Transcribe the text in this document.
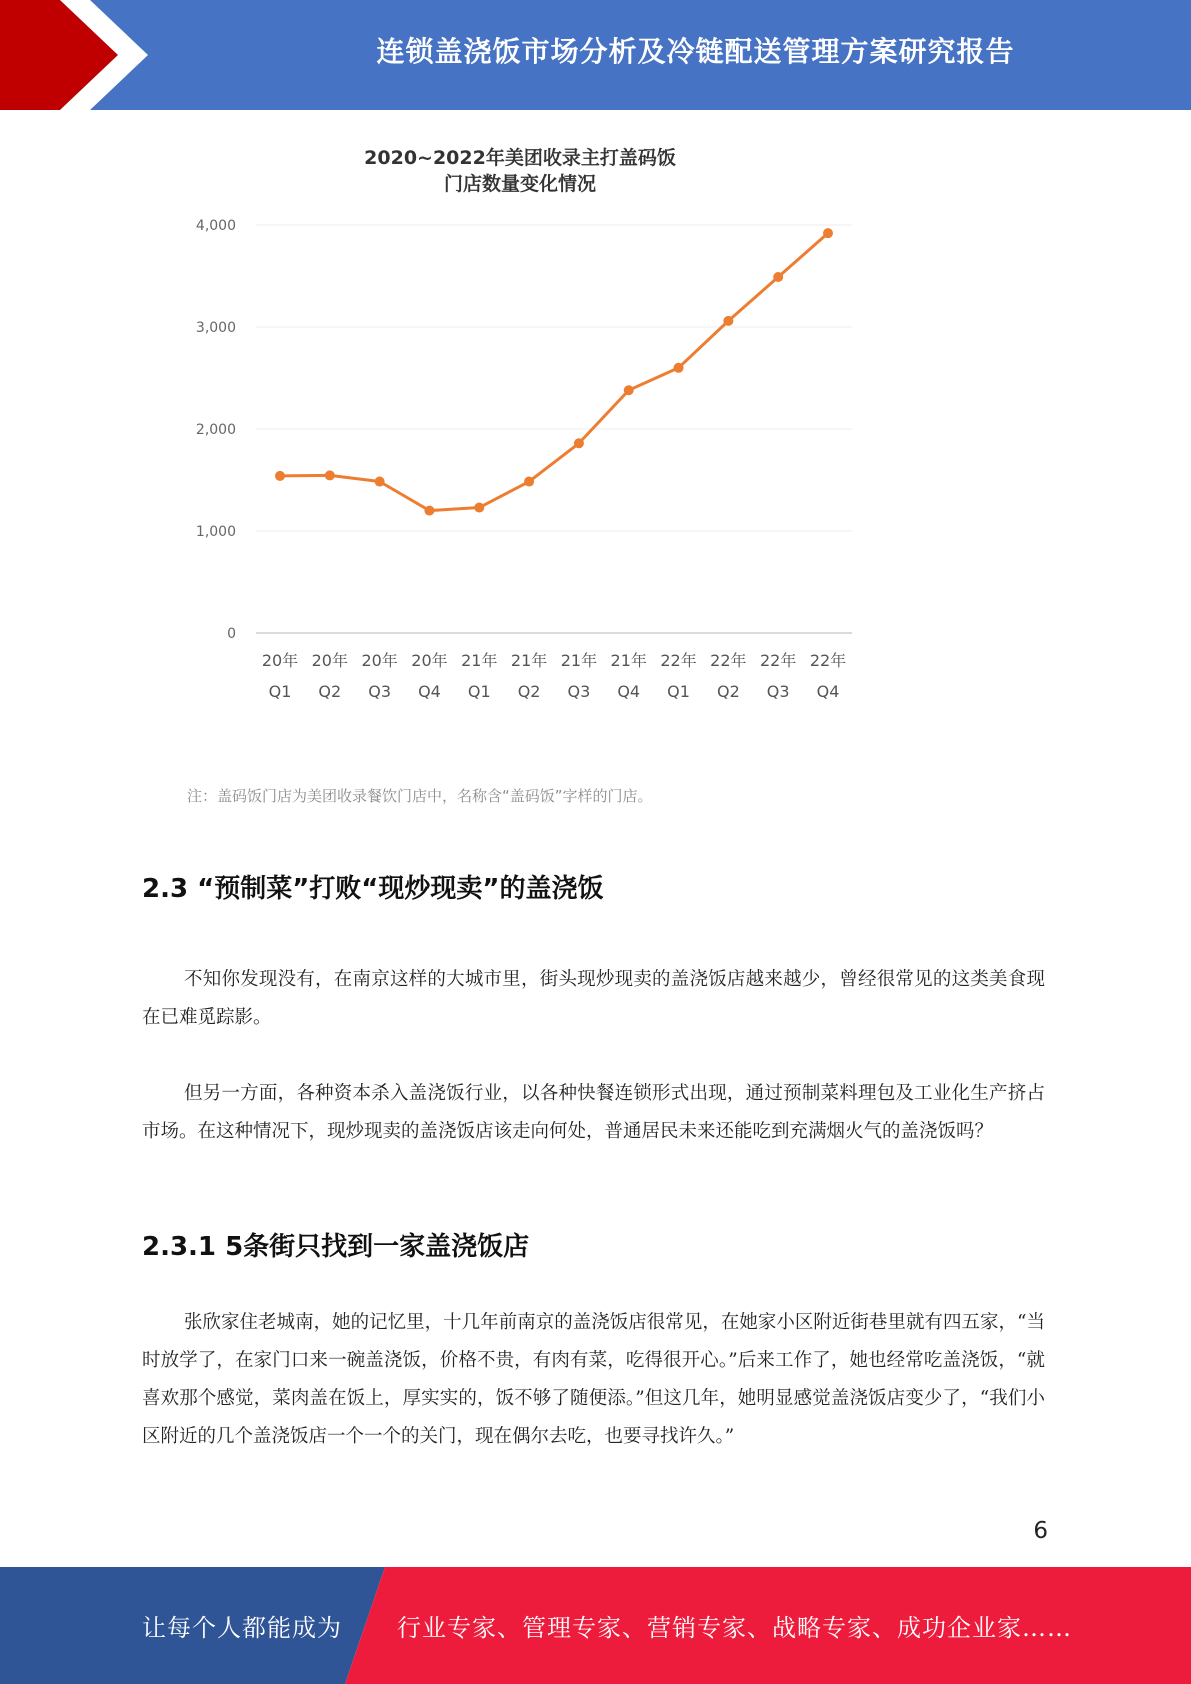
连锁盖浇饭市场分析及冷链配送管理方案研究报告
2020~2022年美团收录主打盖码饭
门店数量变化情况
0
1,000
2,000
3,000
4,000
20年
Q1
20年
Q2
20年
Q3
20年
Q4
21年
Q1
21年
Q2
21年
Q3
21年
Q4
22年
Q1
22年
Q2
22年
Q3
22年
Q4
注：盖码饭门店为美团收录餐饮门店中，名称含“盖码饭”字样的门店。
2.3 “预制菜”打败“现炒现卖”的盖浇饭
不知你发现没有，在南京这样的大城市里，街头现炒现卖的盖浇饭店越来越少，曾经很常见的这类美食现在已难觅踪影。
但另一方面，各种资本杀入盖浇饭行业，以各种快餐连锁形式出现，通过预制菜料理包及工业化生产挤占市场。在这种情况下，现炒现卖的盖浇饭店该走向何处，普通居民未来还能吃到充满烟火气的盖浇饭吗？
2.3.1 5条街只找到一家盖浇饭店
张欣家住老城南，她的记忆里，十几年前南京的盖浇饭店很常见，在她家小区附近街巷里就有四五家，“当时放学了，在家门口来一碗盖浇饭，价格不贵，有肉有菜，吃得很开心。”后来工作了，她也经常吃盖浇饭，“就喜欢那个感觉，菜肉盖在饭上，厚实实的，饭不够了随便添。”但这几年，她明显感觉盖浇饭店变少了，“我们小区附近的几个盖浇饭店一个一个的关门，现在偶尔去吃，也要寻找许久。”
6
让每个人都能成为 行业专家、管理专家、营销专家、战略专家、成功企业家……
